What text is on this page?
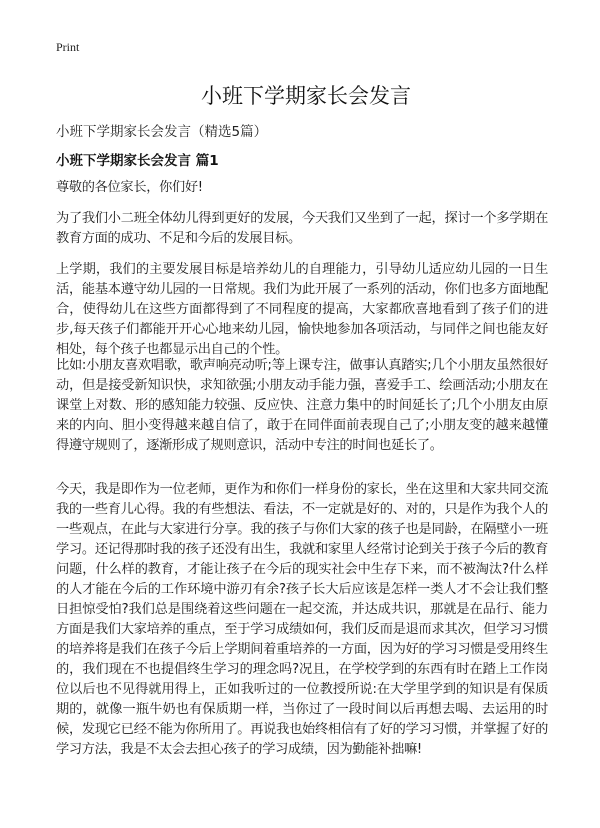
Print
小班下学期家长会发言
小班下学期家长会发言（精选5篇）
小班下学期家长会发言 篇1

尊敬的各位家长，你们好!

为了我们小二班全体幼儿得到更好的发展，今天我们又坐到了一起，探讨一个多学期在教育方面的成功、不足和今后的发展目标。

上学期，我们的主要发展目标是培养幼儿的自理能力，引导幼儿适应幼儿园的一日生活，能基本遵守幼儿园的一日常规。我们为此开展了一系列的活动，你们也多方面地配合，使得幼儿在这些方面都得到了不同程度的提高，大家都欣喜地看到了孩子们的进步,每天孩子们都能开开心心地来幼儿园，愉快地参加各项活动，与同伴之间也能友好相处，每个孩子也都显示出自己的个性。

比如:小朋友喜欢唱歌，歌声响亮动听;等上课专注，做事认真踏实;几个小朋友虽然很好动，但是接受新知识快，求知欲强;小朋友动手能力强，喜爱手工、绘画活动;小朋友在课堂上对数、形的感知能力较强、反应快、注意力集中的时间延长了;几个小朋友由原来的内向、胆小变得越来越自信了，敢于在同伴面前表现自己了;小朋友变的越来越懂得遵守规则了，逐渐形成了规则意识，活动中专注的时间也延长了。

今天，我是即作为一位老师，更作为和你们一样身份的家长，坐在这里和大家共同交流我的一些育儿心得。我的有些想法、看法，不一定就是好的、对的，只是作为我个人的一些观点，在此与大家进行分享。我的孩子与你们大家的孩子也是同龄，在隔壁小一班学习。还记得那时我的孩子还没有出生，我就和家里人经常讨论到关于孩子今后的教育问题，什么样的教育，才能让孩子在今后的现实社会中生存下来，而不被淘汰?什么样的人才能在今后的工作环境中游刃有余?孩子长大后应该是怎样一类人才不会让我们整日担惊受怕?我们总是围绕着这些问题在一起交流，并达成共识，那就是在品行、能力方面是我们大家培养的重点，至于学习成绩如何，我们反而是退而求其次，但学习习惯的培养将是我们在孩子今后上学期间着重培养的一方面，因为好的学习习惯是受用终生的，我们现在不也提倡终生学习的理念吗?况且，在学校学到的东西有时在踏上工作岗位以后也不见得就用得上，正如我听过的一位教授所说:在大学里学到的知识是有保质期的，就像一瓶牛奶也有保质期一样，当你过了一段时间以后再想去喝、去运用的时候，发现它已经不能为你所用了。再说我也始终相信有了好的学习习惯，并掌握了好的学习方法，我是不太会去担心孩子的学习成绩，因为勤能补拙嘛!
